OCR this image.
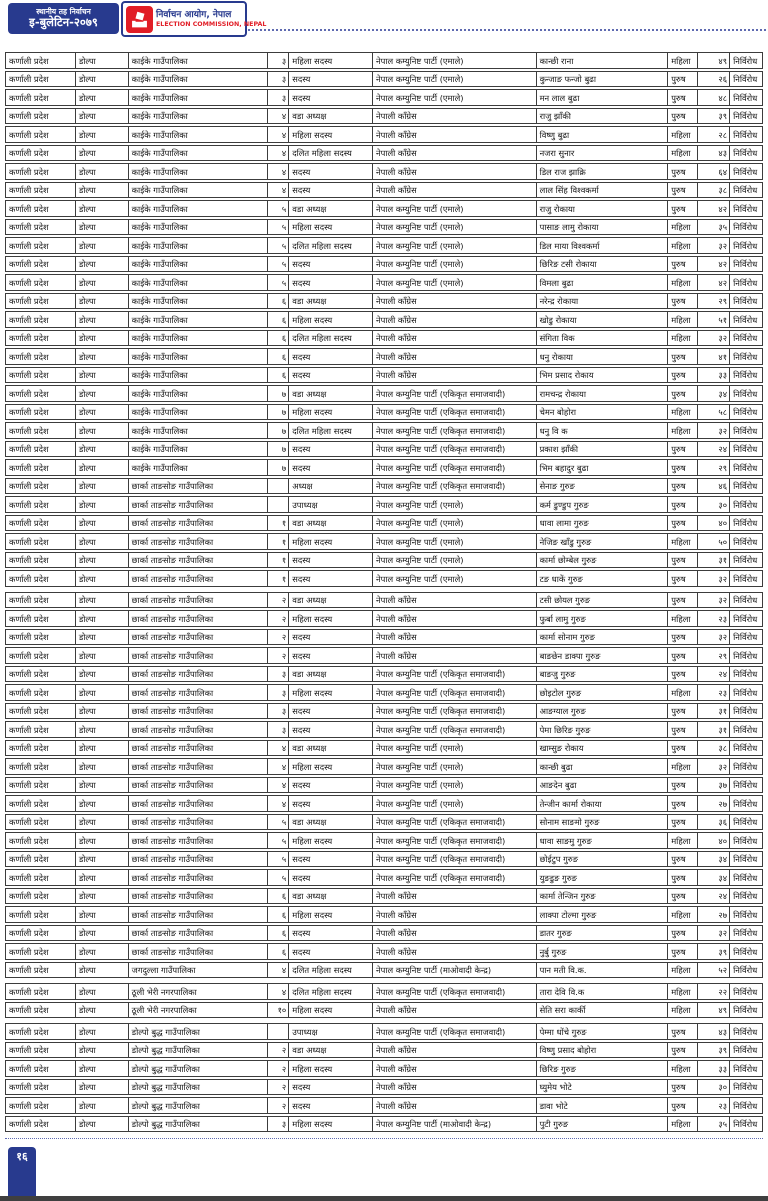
स्थानीय तह निर्वाचन
इ-बुलेटिन-२०७९
निर्वाचन आयोग, नेपाल
ELECTION COMMISSION, NEPAL
कर्णाली प्रदेश	डोल्पा	काईके गाउँपालिका	३ महिला सदस्य	नेपाल कम्युनिष्ट पार्टी (एमाले)	कान्छी राना	महिला	४९ निर्विरोध
कर्णाली प्रदेश	डोल्पा	काईके गाउँपालिका	३ सदस्य	नेपाल कम्युनिष्ट पार्टी (एमाले)	कुन्जाङ फन्जो बुढा	पुरुष	२६ निर्विरोध
कर्णाली प्रदेश	डोल्पा	काईके गाउँपालिका	३ सदस्य	नेपाल कम्युनिष्ट पार्टी (एमाले)	मन लाल बुढा	पुरुष	४८ निर्विरोध
कर्णाली प्रदेश	डोल्पा	काईके गाउँपालिका	४ वडा अध्यक्ष	नेपाली काँग्रेस	राजु झाँकी	पुरुष	३९ निर्विरोध
कर्णाली प्रदेश	डोल्पा	काईके गाउँपालिका	४ महिला सदस्य	नेपाली काँग्रेस	विष्णु बुढा	महिला	२८ निर्विरोध
कर्णाली प्रदेश	डोल्पा	काईके गाउँपालिका	४ दलित महिला सदस्य	नेपाली काँग्रेस	नजरा सुनार	महिला	४३ निर्विरोध
कर्णाली प्रदेश	डोल्पा	काईके गाउँपालिका	४ सदस्य	नेपाली काँग्रेस	डिल राज झाक्रि	पुरुष	६४ निर्विरोध
कर्णाली प्रदेश	डोल्पा	काईके गाउँपालिका	४ सदस्य	नेपाली काँग्रेस	लाल सिंह विश्वकर्मा	पुरुष	३८ निर्विरोध
कर्णाली प्रदेश	डोल्पा	काईके गाउँपालिका	५ वडा अध्यक्ष	नेपाल कम्युनिष्ट पार्टी (एमाले)	राजु रोकाया	पुरुष	४२ निर्विरोध
कर्णाली प्रदेश	डोल्पा	काईके गाउँपालिका	५ महिला सदस्य	नेपाल कम्युनिष्ट पार्टी (एमाले)	पासाङ लामु रोकाया	महिला	३५ निर्विरोध
कर्णाली प्रदेश	डोल्पा	काईके गाउँपालिका	५ दलित महिला सदस्य	नेपाल कम्युनिष्ट पार्टी (एमाले)	डिल माया विश्वकर्मा	महिला	३२ निर्विरोध
कर्णाली प्रदेश	डोल्पा	काईके गाउँपालिका	५ सदस्य	नेपाल कम्युनिष्ट पार्टी (एमाले)	छिरिङ टसी रोकाया	पुरुष	४२ निर्विरोध
कर्णाली प्रदेश	डोल्पा	काईके गाउँपालिका	५ सदस्य	नेपाल कम्युनिष्ट पार्टी (एमाले)	विमला बुढा	महिला	४२ निर्विरोध
कर्णाली प्रदेश	डोल्पा	काईके गाउँपालिका	६ वडा अध्यक्ष	नेपाली काँग्रेस	नरेन्द्र रोकाया	पुरुष	२९ निर्विरोध
कर्णाली प्रदेश	डोल्पा	काईके गाउँपालिका	६ महिला सदस्य	नेपाली काँग्रेस	खोडु रोकाया	महिला	५१ निर्विरोध
कर्णाली प्रदेश	डोल्पा	काईके गाउँपालिका	६ दलित महिला सदस्य	नेपाली काँग्रेस	संगिता विक	महिला	३२ निर्विरोध
कर्णाली प्रदेश	डोल्पा	काईके गाउँपालिका	६ सदस्य	नेपाली काँग्रेस	धनु रोकाया	पुरुष	४१ निर्विरोध
कर्णाली प्रदेश	डोल्पा	काईके गाउँपालिका	६ सदस्य	नेपाली काँग्रेस	भिम प्रसाद रोकाय	पुरुष	३३ निर्विरोध
कर्णाली प्रदेश	डोल्पा	काईके गाउँपालिका	७ वडा अध्यक्ष	नेपाल कम्युनिष्ट पार्टी (एकिकृत समाजवादी)	रामचन्द्र रोकाया	पुरुष	३४ निर्विरोध
कर्णाली प्रदेश	डोल्पा	काईके गाउँपालिका	७ महिला सदस्य	नेपाल कम्युनिष्ट पार्टी (एकिकृत समाजवादी)	चेमन बोहोरा	महिला	५८ निर्विरोध
कर्णाली प्रदेश	डोल्पा	काईके गाउँपालिका	७ दलित महिला सदस्य	नेपाल कम्युनिष्ट पार्टी (एकिकृत समाजवादी)	धनु वि क	महिला	३२ निर्विरोध
कर्णाली प्रदेश	डोल्पा	काईके गाउँपालिका	७ सदस्य	नेपाल कम्युनिष्ट पार्टी (एकिकृत समाजवादी)	प्रकाश झाँकी	पुरुष	२४ निर्विरोध
कर्णाली प्रदेश	डोल्पा	काईके गाउँपालिका	७ सदस्य	नेपाल कम्युनिष्ट पार्टी (एकिकृत समाजवादी)	भिम बहादुर बुढा	पुरुष	२९ निर्विरोध
कर्णाली प्रदेश	डोल्पा	छार्का ताङसोङ गाउँपालिका	अध्यक्ष	नेपाल कम्युनिष्ट पार्टी (एकिकृत समाजवादी)	सेनाङ गुरुङ	पुरुष	४६ निर्विरोध
कर्णाली प्रदेश	डोल्पा	छार्का ताङसोङ गाउँपालिका	उपाध्यक्ष	नेपाल कम्युनिष्ट पार्टी (एमाले)	कर्म डुण्डुप गुरुङ	पुरुष	३० निर्विरोध
कर्णाली प्रदेश	डोल्पा	छार्का ताङसोङ गाउँपालिका	१ वडा अध्यक्ष	नेपाल कम्युनिष्ट पार्टी (एमाले)	धावा लामा गुरुङ	पुरुष	४० निर्विरोध
कर्णाली प्रदेश	डोल्पा	छार्का ताङसोङ गाउँपालिका	१ महिला सदस्य	नेपाल कम्युनिष्ट पार्टी (एमाले)	नेजिङ खाँडु गुरुङ	महिला	५० निर्विरोध
कर्णाली प्रदेश	डोल्पा	छार्का ताङसोङ गाउँपालिका	१ सदस्य	नेपाल कम्युनिष्ट पार्टी (एमाले)	कार्मा छोम्बेल गुरुङ	पुरुष	३१ निर्विरोध
कर्णाली प्रदेश	डोल्पा	छार्का ताङसोङ गाउँपालिका	१ सदस्य	नेपाल कम्युनिष्ट पार्टी (एमाले)	टङ धाकें गुरुङ	पुरुष	३२ निर्विरोध
कर्णाली प्रदेश	डोल्पा	छार्का ताङसोङ गाउँपालिका	२ वडा अध्यक्ष	नेपाली काँग्रेस	टसी छोयल गुरुङ	पुरुष	३२ निर्विरोध
कर्णाली प्रदेश	डोल्पा	छार्का ताङसोङ गाउँपालिका	२ महिला सदस्य	नेपाली काँग्रेस	फुर्बा लामु गुरुङ	महिला	२३ निर्विरोध
कर्णाली प्रदेश	डोल्पा	छार्का ताङसोङ गाउँपालिका	२ सदस्य	नेपाली काँग्रेस	कार्मा सोनाम गुरुङ	पुरुष	३२ निर्विरोध
कर्णाली प्रदेश	डोल्पा	छार्का ताङसोङ गाउँपालिका	२ सदस्य	नेपाली काँग्रेस	बाङछेन डाक्पा गुरुङ	पुरुष	२९ निर्विरोध
कर्णाली प्रदेश	डोल्पा	छार्का ताङसोङ गाउँपालिका	३ वडा अध्यक्ष	नेपाल कम्युनिष्ट पार्टी (एकिकृत समाजवादी)	बाङजु गुरुङ	पुरुष	२४ निर्विरोध
कर्णाली प्रदेश	डोल्पा	छार्का ताङसोङ गाउँपालिका	३ महिला सदस्य	नेपाल कम्युनिष्ट पार्टी (एकिकृत समाजवादी)	छोइटोल गुरुङ	महिला	२३ निर्विरोध
कर्णाली प्रदेश	डोल्पा	छार्का ताङसोङ गाउँपालिका	३ सदस्य	नेपाल कम्युनिष्ट पार्टी (एकिकृत समाजवादी)	आङग्याल गुरुङ	पुरुष	३१ निर्विरोध
कर्णाली प्रदेश	डोल्पा	छार्का ताङसोङ गाउँपालिका	३ सदस्य	नेपाल कम्युनिष्ट पार्टी (एकिकृत समाजवादी)	पेमा छिरिङ गुरुङ	पुरुष	३१ निर्विरोध
कर्णाली प्रदेश	डोल्पा	छार्का ताङसोङ गाउँपालिका	४ वडा अध्यक्ष	नेपाल कम्युनिष्ट पार्टी (एमाले)	खाम्सुङ रोकाय	पुरुष	३८ निर्विरोध
कर्णाली प्रदेश	डोल्पा	छार्का ताङसोङ गाउँपालिका	४ महिला सदस्य	नेपाल कम्युनिष्ट पार्टी (एमाले)	कान्छी बुढा	महिला	३२ निर्विरोध
कर्णाली प्रदेश	डोल्पा	छार्का ताङसोङ गाउँपालिका	४ सदस्य	नेपाल कम्युनिष्ट पार्टी (एमाले)	आङदेन बुढा	पुरुष	३७ निर्विरोध
कर्णाली प्रदेश	डोल्पा	छार्का ताङसोङ गाउँपालिका	४ सदस्य	नेपाल कम्युनिष्ट पार्टी (एमाले)	तेन्जीन कार्मा रोकाया	पुरुष	२७ निर्विरोध
कर्णाली प्रदेश	डोल्पा	छार्का ताङसोङ गाउँपालिका	५ वडा अध्यक्ष	नेपाल कम्युनिष्ट पार्टी (एकिकृत समाजवादी)	सोनाम साङमो गुरुङ	पुरुष	३६ निर्विरोध
कर्णाली प्रदेश	डोल्पा	छार्का ताङसोङ गाउँपालिका	५ महिला सदस्य	नेपाल कम्युनिष्ट पार्टी (एकिकृत समाजवादी)	धावा साङमु गुरुङ	महिला	४० निर्विरोध
कर्णाली प्रदेश	डोल्पा	छार्का ताङसोङ गाउँपालिका	५ सदस्य	नेपाल कम्युनिष्ट पार्टी (एकिकृत समाजवादी)	छोईटुप गुरुङ	पुरुष	३४ निर्विरोध
कर्णाली प्रदेश	डोल्पा	छार्का ताङसोङ गाउँपालिका	५ सदस्य	नेपाल कम्युनिष्ट पार्टी (एकिकृत समाजवादी)	युङडुङ गुरुङ	पुरुष	३४ निर्विरोध
कर्णाली प्रदेश	डोल्पा	छार्का ताङसोङ गाउँपालिका	६ वडा अध्यक्ष	नेपाली काँग्रेस	कार्मा तेन्जिन गुरुङ	पुरुष	२४ निर्विरोध
कर्णाली प्रदेश	डोल्पा	छार्का ताङसोङ गाउँपालिका	६ महिला सदस्य	नेपाली काँग्रेस	लाक्पा टोल्मा गुरुङ	महिला	२७ निर्विरोध
कर्णाली प्रदेश	डोल्पा	छार्का ताङसोङ गाउँपालिका	६ सदस्य	नेपाली काँग्रेस	डातर गुरुङ	पुरुष	३२ निर्विरोध
कर्णाली प्रदेश	डोल्पा	छार्का ताङसोङ गाउँपालिका	६ सदस्य	नेपाली काँग्रेस	नुर्बु गुरुङ	पुरुष	३९ निर्विरोध
कर्णाली प्रदेश	डोल्पा	जगदुल्ला गाउँपालिका	४ दलित महिला सदस्य	नेपाल कम्युनिष्ट पार्टी (माओवादी केन्द्र)	पान मती वि.क.	महिला	५२ निर्विरोध
कर्णाली प्रदेश	डोल्पा	ठूली भेरी नगरपालिका	४ दलित महिला सदस्य	नेपाल कम्युनिष्ट पार्टी (एकिकृत समाजवादी)	तारा देवि वि.क	महिला	२२ निर्विरोध
कर्णाली प्रदेश	डोल्पा	ठूली भेरी नगरपालिका	१० महिला सदस्य	नेपाली काँग्रेस	सेति सरा कार्की	महिला	४९ निर्विरोध
कर्णाली प्रदेश	डोल्पा	डोल्पो बुद्ध गाउँपालिका	उपाध्यक्ष	नेपाल कम्युनिष्ट पार्टी (एकिकृत समाजवादी)	पेम्मा धोंचे गुरुङ	पुरुष	४३ निर्विरोध
कर्णाली प्रदेश	डोल्पा	डोल्पो बुद्ध गाउँपालिका	२ वडा अध्यक्ष	नेपाली काँग्रेस	विष्णु प्रसाद बोहोरा	पुरुष	३९ निर्विरोध
कर्णाली प्रदेश	डोल्पा	डोल्पो बुद्ध गाउँपालिका	२ महिला सदस्य	नेपाली काँग्रेस	छिरिङ गुरुङ	महिला	३३ निर्विरोध
कर्णाली प्रदेश	डोल्पा	डोल्पो बुद्ध गाउँपालिका	२ सदस्य	नेपाली काँग्रेस	घ्युमेय भोटे	पुरुष	३० निर्विरोध
कर्णाली प्रदेश	डोल्पा	डोल्पो बुद्ध गाउँपालिका	२ सदस्य	नेपाली काँग्रेस	डावा भोटे	पुरुष	२३ निर्विरोध
कर्णाली प्रदेश	डोल्पा	डोल्पो बुद्ध गाउँपालिका	३ महिला सदस्य	नेपाल कम्युनिष्ट पार्टी (माओवादी केन्द्र)	पुटी गुरुङ	महिला	३५ निर्विरोध
१६
